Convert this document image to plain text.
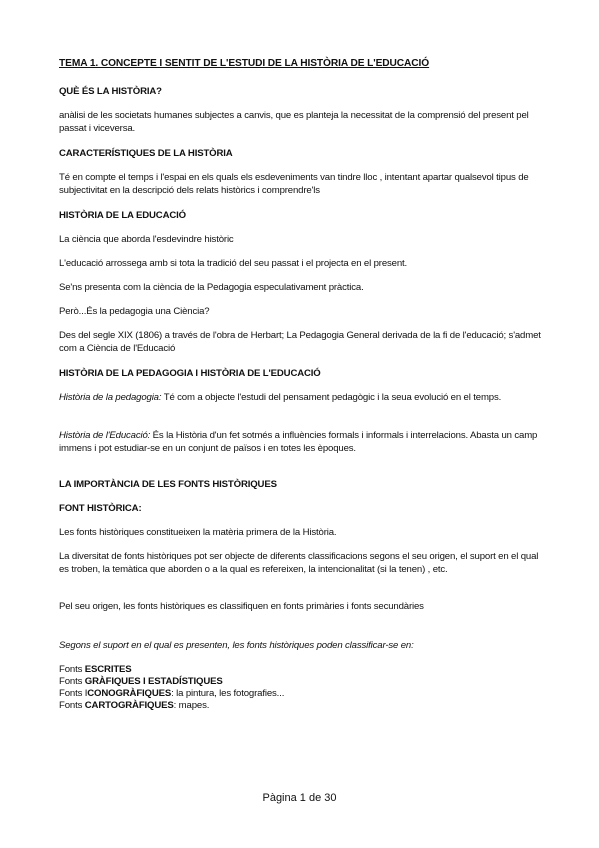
TEMA 1. CONCEPTE I SENTIT DE L'ESTUDI DE LA HISTÒRIA DE L'EDUCACIÓ
QUÈ ÉS LA HISTÒRIA?
anàlisi de les societats humanes subjectes a canvis, que es planteja la necessitat de la comprensió del present pel passat i viceversa.
CARACTERÍSTIQUES DE LA HISTÒRIA
Té en compte el temps i l'espai en els quals els esdeveniments van tindre lloc , intentant apartar qualsevol tipus de subjectivitat en la descripció dels relats històrics i comprendre'ls
HISTÒRIA DE LA EDUCACIÓ
La ciència que aborda l'esdevindre històric
L'educació arrossega amb si tota la tradició del seu passat i el projecta en el present.
Se'ns presenta com la ciència de la Pedagogia especulativament pràctica.
Però...És la pedagogia una Ciència?
Des del segle XIX (1806) a través de l'obra de Herbart; La Pedagogia General derivada de la fi de l'educació; s'admet com a Ciència de l'Educació
HISTÒRIA DE LA PEDAGOGIA I HISTÒRIA DE L'EDUCACIÓ
Història de la pedagogia: Té com a objecte l'estudi del pensament pedagògic i la seua evolució en el temps.
Història de l'Educació: És la Història d'un fet sotmés a influències formals i informals i interrelacions. Abasta un camp immens i pot estudiar-se en un conjunt de països i en totes les èpoques.
LA IMPORTÀNCIA DE LES FONTS HISTÒRIQUES
FONT HISTÒRICA:
Les fonts històriques constitueixen la matèria primera de la Història.
La diversitat de fonts històriques pot ser objecte de diferents classificacions segons el seu origen, el suport en el qual es troben, la temàtica que aborden o a la qual es refereixen, la intencionalitat (si la tenen) , etc.
Pel seu origen, les fonts històriques es classifiquen en fonts primàries i fonts secundàries
Segons el suport en el qual es presenten, les fonts històriques poden classificar-se en:
Fonts ESCRITES
Fonts GRÀFIQUES I ESTADÍSTIQUES
Fonts ICONOGRÀFIQUES: la pintura, les fotografies...
Fonts CARTOGRÀFIQUES: mapes.
Pàgina 1 de 30
